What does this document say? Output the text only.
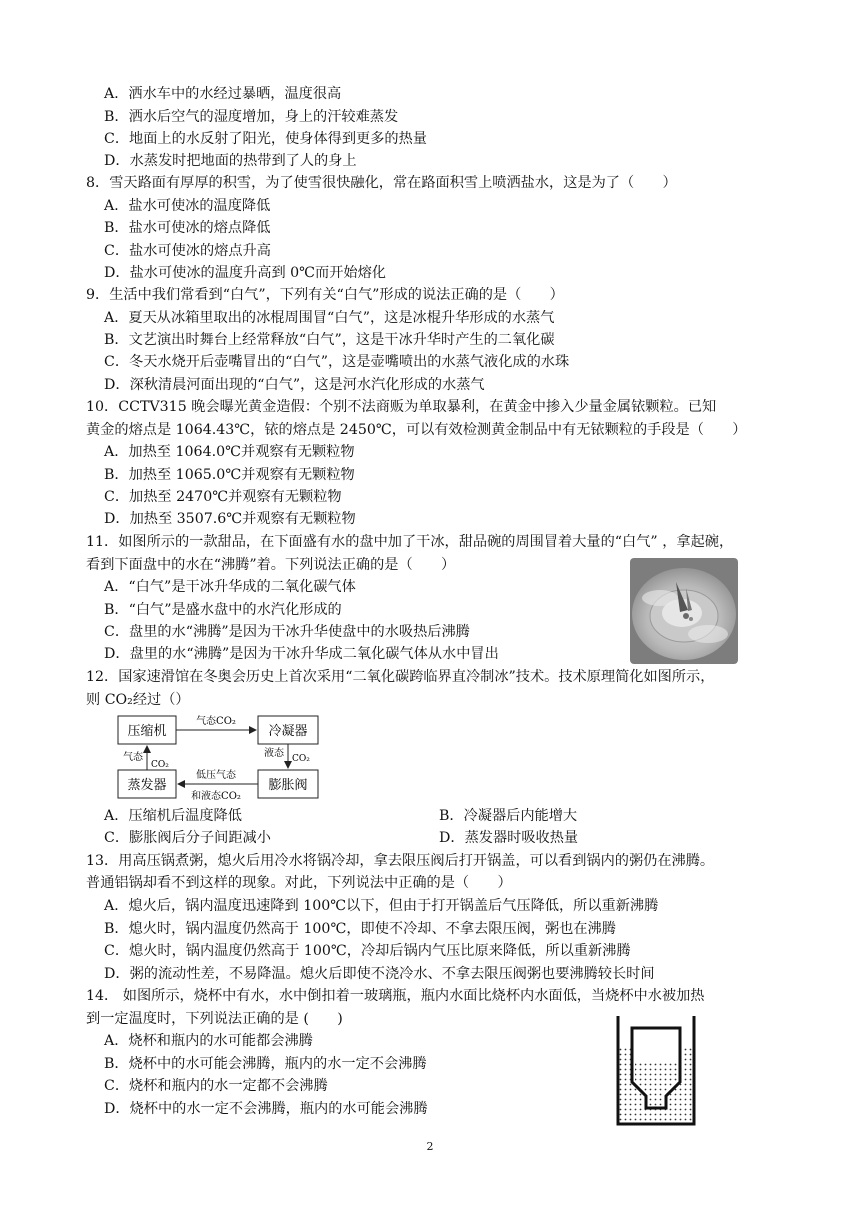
A．洒水车中的水经过暴晒，温度很高
B．洒水后空气的湿度增加，身上的汗较难蒸发
C．地面上的水反射了阳光，使身体得到更多的热量
D．水蒸发时把地面的热带到了人的身上
8．雪天路面有厚厚的积雪，为了使雪很快融化，常在路面积雪上喷洒盐水，这是为了（　　）
A．盐水可使冰的温度降低
B．盐水可使冰的熔点降低
C．盐水可使冰的熔点升高
D．盐水可使冰的温度升高到 0℃而开始熔化
9．生活中我们常看到“白气”，下列有关“白气”形成的说法正确的是（　　）
A．夏天从冰箱里取出的冰棍周围冒“白气”，这是冰棍升华形成的水蒸气
B．文艺演出时舞台上经常释放“白气”，这是干冰升华时产生的二氧化碳
C．冬天水烧开后壶嘴冒出的“白气”，这是壶嘴喷出的水蒸气液化成的水珠
D．深秋清晨河面出现的“白气”，这是河水汽化形成的水蒸气
10．CCTV315 晚会曝光黄金造假：个别不法商贩为单取暴利，在黄金中掺入少量金属铱颗粒。已知
黄金的熔点是 1064.43℃，铱的熔点是 2450℃，可以有效检测黄金制品中有无铱颗粒的手段是（　　）
A．加热至 1064.0℃并观察有无颗粒物
B．加热至 1065.0℃并观察有无颗粒物
C．加热至 2470℃并观察有无颗粒物
D．加热至 3507.6℃并观察有无颗粒物
11．如图所示的一款甜品，在下面盛有水的盘中加了干冰，甜品碗的周围冒着大量的“白气” ，拿起碗，
看到下面盘中的水在“沸腾”着。下列说法正确的是（　　）
A．“白气”是干冰升华成的二氧化碳气体
B．“白气”是盛水盘中的水汽化形成的
C．盘里的水“沸腾”是因为干冰升华使盘中的水吸热后沸腾
D．盘里的水“沸腾”是因为干冰升华成二氧化碳气体从水中冒出
12．国家速滑馆在冬奥会历史上首次采用“二氧化碳跨临界直冷制冰”技术。技术原理简化如图所示，
则 CO₂经过（）
压缩机	冷凝器
膨胀阀
蒸发器
气态CO₂
液态 CO₂
低压气态
和液态CO₂
气态
CO₂
A．压缩机后温度降低	B．冷凝器后内能增大
C．膨胀阀后分子间距减小	D．蒸发器时吸收热量
13．用高压锅煮粥，熄火后用冷水将锅冷却，拿去限压阀后打开锅盖，可以看到锅内的粥仍在沸腾。
普通铝锅却看不到这样的现象。对此，下列说法中正确的是（　　）
A．熄火后，锅内温度迅速降到 100℃以下，但由于打开锅盖后气压降低，所以重新沸腾
B．熄火时，锅内温度仍然高于 100℃，即使不冷却、不拿去限压阀，粥也在沸腾
C．熄火时，锅内温度仍然高于 100℃，冷却后锅内气压比原来降低，所以重新沸腾
D．粥的流动性差，不易降温。熄火后即使不浇冷水、不拿去限压阀粥也要沸腾较长时间
14． 如图所示，烧杯中有水，水中倒扣着一玻璃瓶，瓶内水面比烧杯内水面低，当烧杯中水被加热
到一定温度时，下列说法正确的是 (　　)
A．烧杯和瓶内的水可能都会沸腾
B．烧杯中的水可能会沸腾，瓶内的水一定不会沸腾
C．烧杯和瓶内的水一定都不会沸腾
D．烧杯中的水一定不会沸腾，瓶内的水可能会沸腾
2
